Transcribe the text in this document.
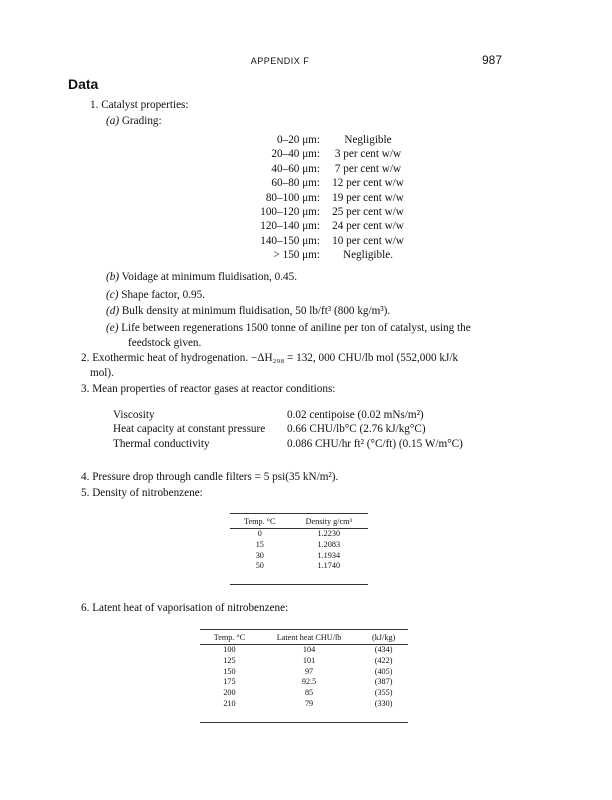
APPENDIX F	987
Data
1. Catalyst properties:
(a) Grading:
0–20 μm:	Negligible
20–40 μm:	3 per cent w/w
40–60 μm:	7 per cent w/w
60–80 μm:	12 per cent w/w
80–100 μm:	19 per cent w/w
100–120 μm:	25 per cent w/w
120–140 μm:	24 per cent w/w
140–150 μm:	10 per cent w/w
> 150 μm:	Negligible.
(b) Voidage at minimum fluidisation, 0.45.
(c) Shape factor, 0.95.
(d) Bulk density at minimum fluidisation, 50 lb/ft³ (800 kg/m³).
(e) Life between regenerations 1500 tonne of aniline per ton of catalyst, using the
feedstock given.
2. Exothermic heat of hydrogenation. −ΔH₂₉₈ = 132, 000 CHU/lb mol (552,000 kJ/k
mol).
3. Mean properties of reactor gases at reactor conditions:
Viscosity	0.02 centipoise (0.02 mNs/m²)
Heat capacity at constant pressure 0.66 CHU/lb°C (2.76 kJ/kg°C)
Thermal conductivity	0.086 CHU/hr ft² (°C/ft) (0.15 W/m°C)
4. Pressure drop through candle filters = 5 psi(35 kN/m²).
5. Density of nitrobenzene:
Temp. °C	Density g/cm³
0	1.2230
15	1.2083
30	1.1934
50	1.1740
6. Latent heat of vaporisation of nitrobenzene:
Temp. °C	Latent heat CHU/lb	(kJ/kg)
100	104	(434)
125	101	(422)
150	97	(405)
175	92.5	(387)
200	85	(355)
210	79	(330)
